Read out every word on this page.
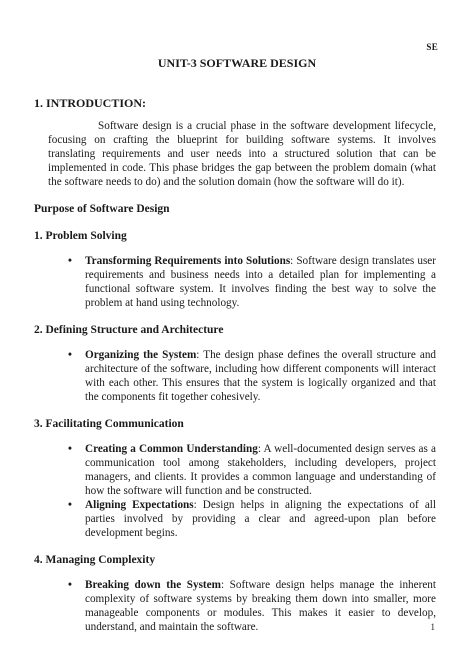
SE
UNIT-3 SOFTWARE DESIGN
1. INTRODUCTION:

Software design is a crucial phase in the software development lifecycle, focusing on crafting the blueprint for building software systems. It involves translating requirements and user needs into a structured solution that can be implemented in code. This phase bridges the gap between the problem domain (what the software needs to do) and the solution domain (how the software will do it).

Purpose of Software Design
1. Problem Solving
• Transforming Requirements into Solutions: Software design translates user requirements and business needs into a detailed plan for implementing a functional software system. It involves finding the best way to solve the problem at hand using technology.
2. Defining Structure and Architecture
• Organizing the System: The design phase defines the overall structure and architecture of the software, including how different components will interact with each other. This ensures that the system is logically organized and that the components fit together cohesively.
3. Facilitating Communication
• Creating a Common Understanding: A well-documented design serves as a communication tool among stakeholders, including developers, project managers, and clients. It provides a common language and understanding of how the software will function and be constructed.
• Aligning Expectations: Design helps in aligning the expectations of all parties involved by providing a clear and agreed-upon plan before development begins.
4. Managing Complexity
• Breaking down the System: Software design helps manage the inherent complexity of software systems by breaking them down into smaller, more manageable components or modules. This makes it easier to develop, understand, and maintain the software.	1
